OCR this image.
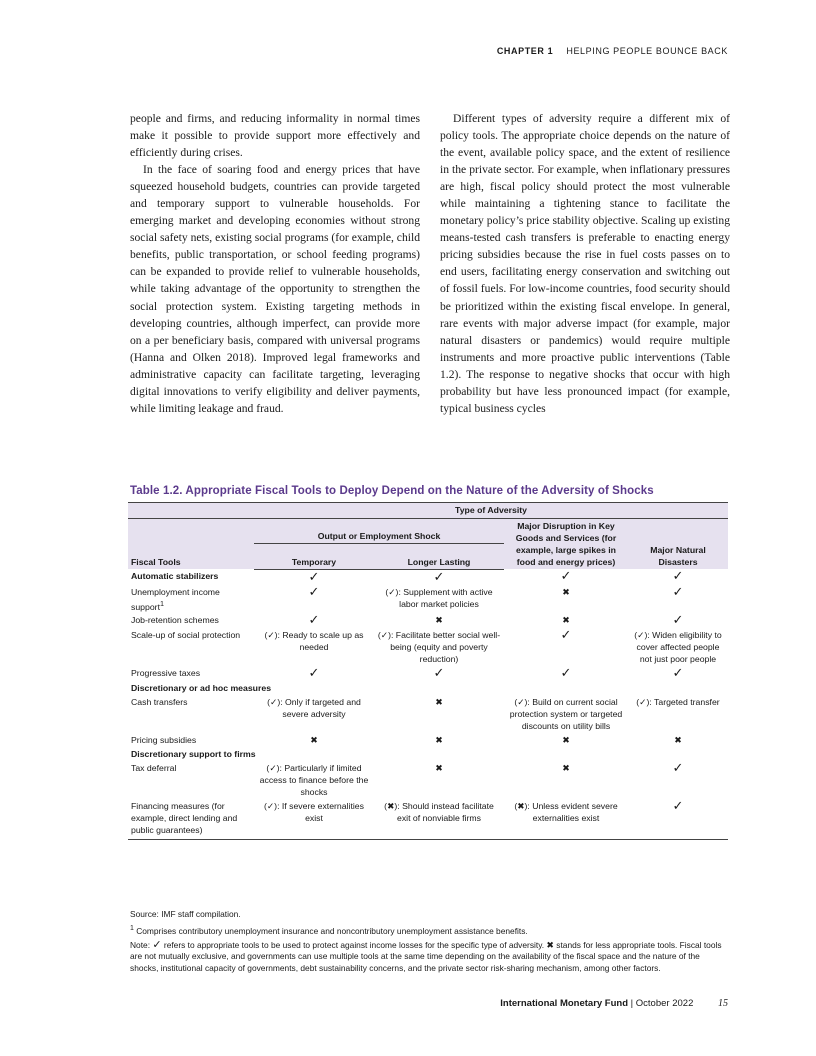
CHAPTER 1 HELPING PEOPLE BOUNCE BACK

people and firms, and reducing informality in normal times make it possible to provide support more effectively and efficiently during crises.

In the face of soaring food and energy prices that have squeezed household budgets, countries can provide targeted and temporary support to vulnerable households. For emerging market and developing economies without strong social safety nets, existing social programs (for example, child benefits, public transportation, or school feeding programs) can be expanded to provide relief to vulnerable households, while taking advantage of the opportunity to strengthen the social protection system. Existing targeting methods in developing countries, although imperfect, can provide more on a per beneficiary basis, compared with universal programs (Hanna and Olken 2018). Improved legal frameworks and administrative capacity can facilitate targeting, leveraging digital innovations to verify eligibility and deliver payments, while limiting leakage and fraud.

Different types of adversity require a different mix of policy tools. The appropriate choice depends on the nature of the event, available policy space, and the extent of resilience in the private sector. For example, when inflationary pressures are high, fiscal policy should protect the most vulnerable while maintaining a tightening stance to facilitate the monetary policy’s price stability objective. Scaling up existing means-tested cash transfers is preferable to enacting energy pricing subsidies because the rise in fuel costs passes on to end users, facilitating energy conservation and switching out of fossil fuels. For low-income countries, food security should be prioritized within the existing fiscal envelope. In general, rare events with major adverse impact (for example, major natural disasters or pandemics) would require multiple instruments and more proactive public interventions (Table 1.2). The response to negative shocks that occur with high probability but have less pronounced impact (for example, typical business cycles

Table 1.2. Appropriate Fiscal Tools to Deploy Depend on the Nature of the Adversity of Shocks
	Type of Adversity			
Fiscal Tools	Output or Employment Shock		Major Disruption in Key Goods and Services (for example, large spikes in food and energy prices)	Major Natural Disasters
	Temporary	Longer Lasting		
Automatic stabilizers	✓	✓	✓	✓
Unemployment income support$^1$	✓	(✓): Supplement with active labor market policies	✖	✓
Job-retention schemes	✓	✖	✖	✓
Scale-up of social protection	(✓): Ready to scale up as needed	(✓): Facilitate better social well-being (equity and poverty reduction)	✓	(✓): Widen eligibility to cover affected people not just poor people
Progressive taxes	✓	✓	✓	✓
Discretionary or ad hoc measures				
Cash transfers	(✓): Only if targeted and severe adversity	✖	(✓): Build on current social protection system or targeted discounts on utility bills	(✓): Targeted transfer
Pricing subsidies	✖	✖	✖	✖
Discretionary support to firms				
Tax deferral	(✓): Particularly if limited access to finance before the shocks	✖	✖	✓
Financing measures (for example, direct lending and public guarantees)	(✓): If severe externalities exist	(✖): Should instead facilitate exit of nonviable firms	(✖): Unless evident severe externalities exist	✓

Source: IMF staff compilation.

$^1$ Comprises contributory unemployment insurance and noncontributory unemployment assistance benefits.

Note: ✓ refers to appropriate tools to be used to protect against income losses for the specific type of adversity. ✖ stands for less appropriate tools. Fiscal tools are not mutually exclusive, and governments can use multiple tools at the same time depending on the availability of the fiscal space and the nature of the shocks, institutional capacity of governments, debt sustainability concerns, and the private sector risk-sharing mechanism, among other factors.

International Monetary Fund | October 2022 15
